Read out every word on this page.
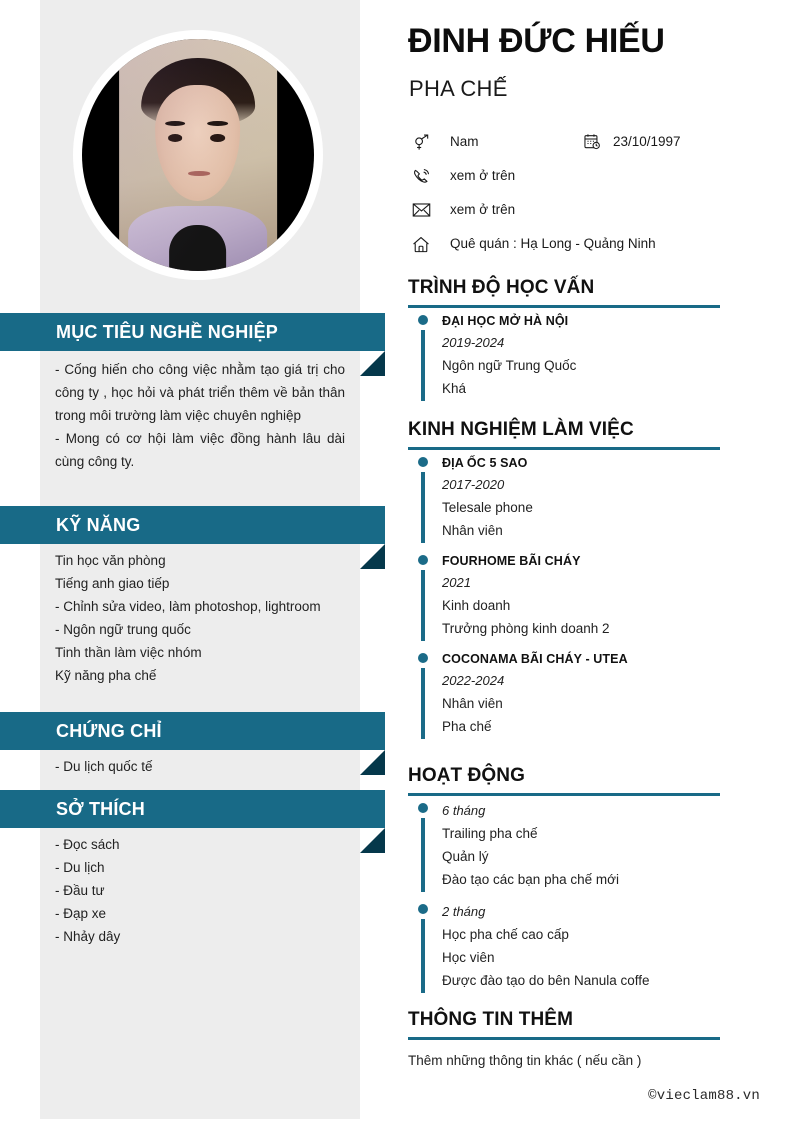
MỤC TIÊU NGHỀ NGHIỆP

- Cống hiến cho công việc nhằm tạo giá trị cho công ty , học hỏi và phát triển thêm về bản thân trong môi trường làm việc chuyên nghiệp

- Mong có cơ hội làm việc đồng hành lâu dài cùng công ty.

KỸ NĂNG

Tin học văn phòng

Tiếng anh giao tiếp

- Chỉnh sửa video, làm photoshop, lightroom

- Ngôn ngữ trung quốc

Tinh thần làm việc nhóm

Kỹ năng pha chế

CHỨNG CHỈ

- Du lịch quốc tế

SỞ THÍCH

- Đọc sách

- Du lịch

- Đầu tư

- Đạp xe

- Nhảy dây

ĐINH ĐỨC HIẾU
PHA CHẾ
Nam	23/10/1997
xem ở trên
xem ở trên
Quê quán : Hạ Long - Quảng Ninh
TRÌNH ĐỘ HỌC VẤN
ĐẠI HỌC MỞ HÀ NỘI
2019-2024
Ngôn ngữ Trung Quốc
Khá
KINH NGHIỆM LÀM VIỆC
ĐỊA ỐC 5 SAO
2017-2020
Telesale phone
Nhân viên
FOURHOME BÃI CHÁY
2021
Kinh doanh
Trưởng phòng kinh doanh 2
COCONAMA BÃI CHÁY - UTEA
2022-2024
Nhân viên
Pha chế
HOẠT ĐỘNG
6 tháng
Trailing pha chế
Quản lý
Đào tạo các bạn pha chế mới
2 tháng
Học pha chế cao cấp
Học viên
Được đào tạo do bên Nanula coffe
THÔNG TIN THÊM
Thêm những thông tin khác ( nếu cần )
©vieclam88.vn
